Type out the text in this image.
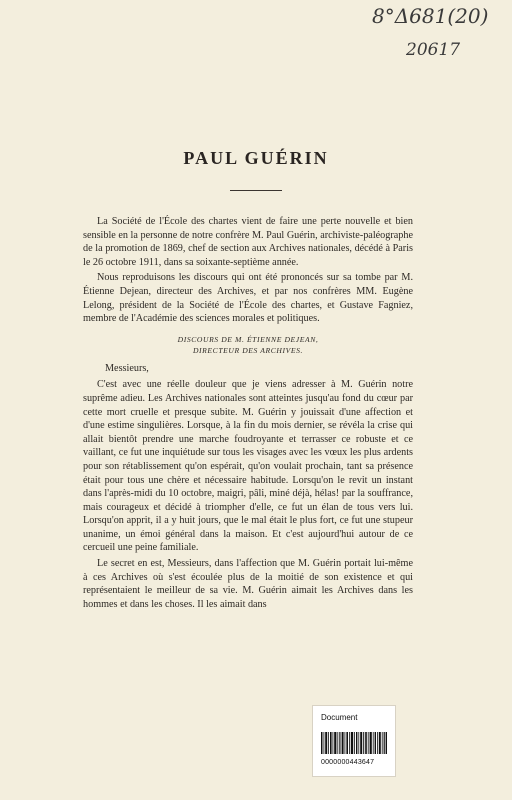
8°Δ681(20)
20617
PAUL GUÉRIN

La Société de l'École des chartes vient de faire une perte nouvelle et bien sensible en la personne de notre confrère M. Paul Guérin, archiviste-paléographe de la promotion de 1869, chef de section aux Archives nationales, décédé à Paris le 26 octobre 1911, dans sa soixante-septième année.

Nous reproduisons les discours qui ont été prononcés sur sa tombe par M. Étienne Dejean, directeur des Archives, et par nos confrères MM. Eugène Lelong, président de la Société de l'École des chartes, et Gustave Fagniez, membre de l'Académie des sciences morales et politiques.

DISCOURS DE M. ÉTIENNE DEJEAN,
DIRECTEUR DES ARCHIVES.
Messieurs,

C'est avec une réelle douleur que je viens adresser à M. Guérin notre suprême adieu. Les Archives nationales sont atteintes jusqu'au fond du cœur par cette mort cruelle et presque subite. M. Guérin y jouissait d'une affection et d'une estime singulières. Lorsque, à la fin du mois dernier, se révéla la crise qui allait bientôt prendre une marche foudroyante et terrasser ce robuste et ce vaillant, ce fut une inquiétude sur tous les visages avec les vœux les plus ardents pour son rétablissement qu'on espérait, qu'on voulait prochain, tant sa présence était pour tous une chère et nécessaire habitude. Lorsqu'on le revit un instant dans l'après-midi du 10 octobre, maigri, pâli, miné déjà, hélas! par la souffrance, mais courageux et décidé à triompher d'elle, ce fut un élan de tous vers lui. Lorsqu'on apprit, il a y huit jours, que le mal était le plus fort, ce fut une stupeur unanime, un émoi général dans la maison. Et c'est aujourd'hui autour de ce cercueil une peine familiale.

Le secret en est, Messieurs, dans l'affection que M. Guérin portait lui-même à ces Archives où s'est écoulée plus de la moitié de son existence et qui représentaient le meilleur de sa vie. M. Guérin aimait les Archives dans les hommes et dans les choses. Il les aimait dans

Document
0000000443647
